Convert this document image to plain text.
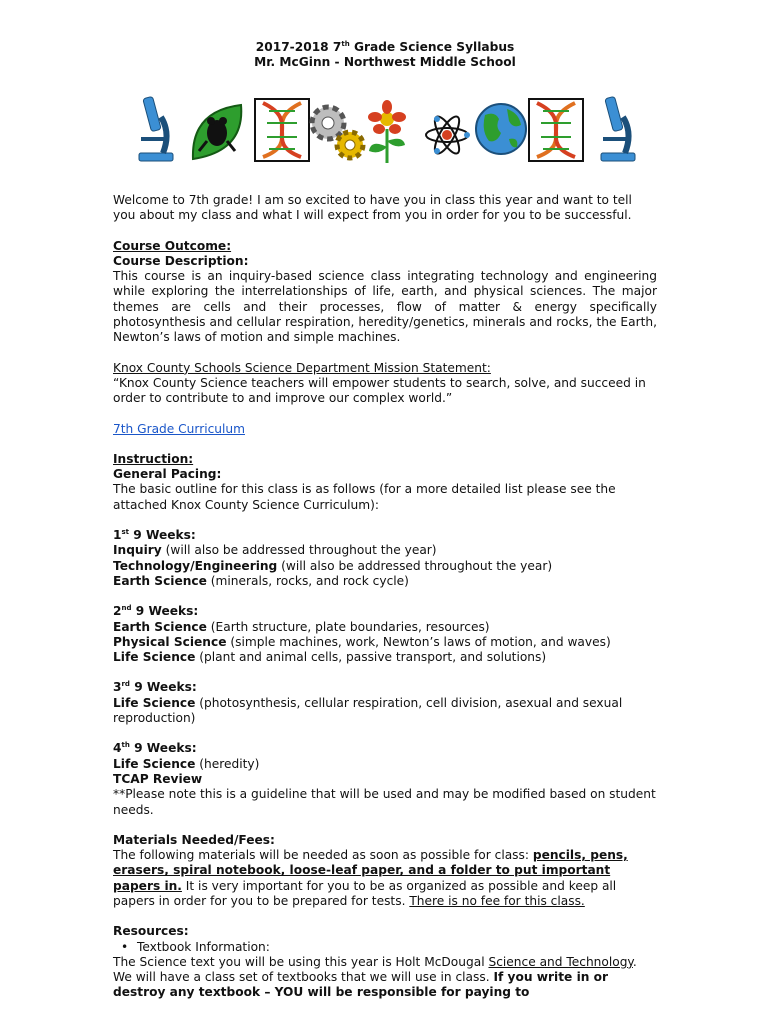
2017-2018 7th Grade Science Syllabus
Mr. McGinn - Northwest Middle School

Welcome to 7th grade! I am so excited to have you in class this year and want to tell you about my class and what I will expect from you in order for you to be successful.

Course Outcome:

Course Description:

This course is an inquiry-based science class integrating technology and engineering while exploring the interrelationships of life, earth, and physical sciences. The major themes are cells and their processes, flow of matter & energy specifically photosynthesis and cellular respiration, heredity/genetics, minerals and rocks, the Earth, Newton’s laws of motion and simple machines.

Knox County Schools Science Department Mission Statement:

“Knox County Science teachers will empower students to search, solve, and succeed in order to contribute to and improve our complex world.”

7th Grade Curriculum

Instruction:

General Pacing:

The basic outline for this class is as follows (for a more detailed list please see the attached Knox County Science Curriculum):

1st 9 Weeks:

Inquiry (will also be addressed throughout the year)

Technology/Engineering (will also be addressed throughout the year)

Earth Science (minerals, rocks, and rock cycle)

2nd 9 Weeks:

Earth Science (Earth structure, plate boundaries, resources)

Physical Science (simple machines, work, Newton’s laws of motion, and waves)

Life Science (plant and animal cells, passive transport, and solutions)

3rd 9 Weeks:

Life Science (photosynthesis, cellular respiration, cell division, asexual and sexual reproduction)

4th 9 Weeks:

Life Science (heredity)

TCAP Review

**Please note this is a guideline that will be used and may be modified based on student needs.

Materials Needed/Fees:

The following materials will be needed as soon as possible for class: pencils, pens, erasers, spiral notebook, loose-leaf paper, and a folder to put important papers in. It is very important for you to be as organized as possible and keep all papers in order for you to be prepared for tests. There is no fee for this class.

Resources:

• Textbook Information:

The Science text you will be using this year is Holt McDougal Science and Technology. We will have a class set of textbooks that we will use in class. If you write in or destroy any textbook – YOU will be responsible for paying to
